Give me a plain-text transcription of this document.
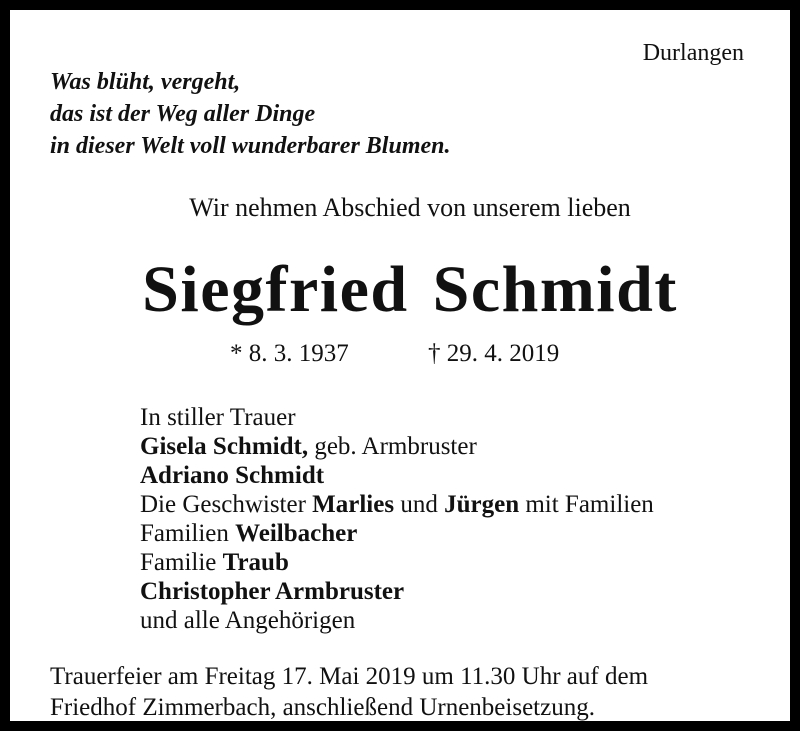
Durlangen
Was blüht, vergeht,
das ist der Weg aller Dinge
in dieser Welt voll wunderbarer Blumen.
Wir nehmen Abschied von unserem lieben
Siegfried Schmidt
* 8. 3. 1937	† 29. 4. 2019
In stiller Trauer
Gisela Schmidt, geb. Armbruster
Adriano Schmidt
Die Geschwister Marlies und Jürgen mit Familien
Familien Weilbacher
Familie Traub
Christopher Armbruster
und alle Angehörigen
Trauerfeier am Freitag 17. Mai 2019 um 11.30 Uhr auf dem
Friedhof Zimmerbach, anschließend Urnenbeisetzung.
